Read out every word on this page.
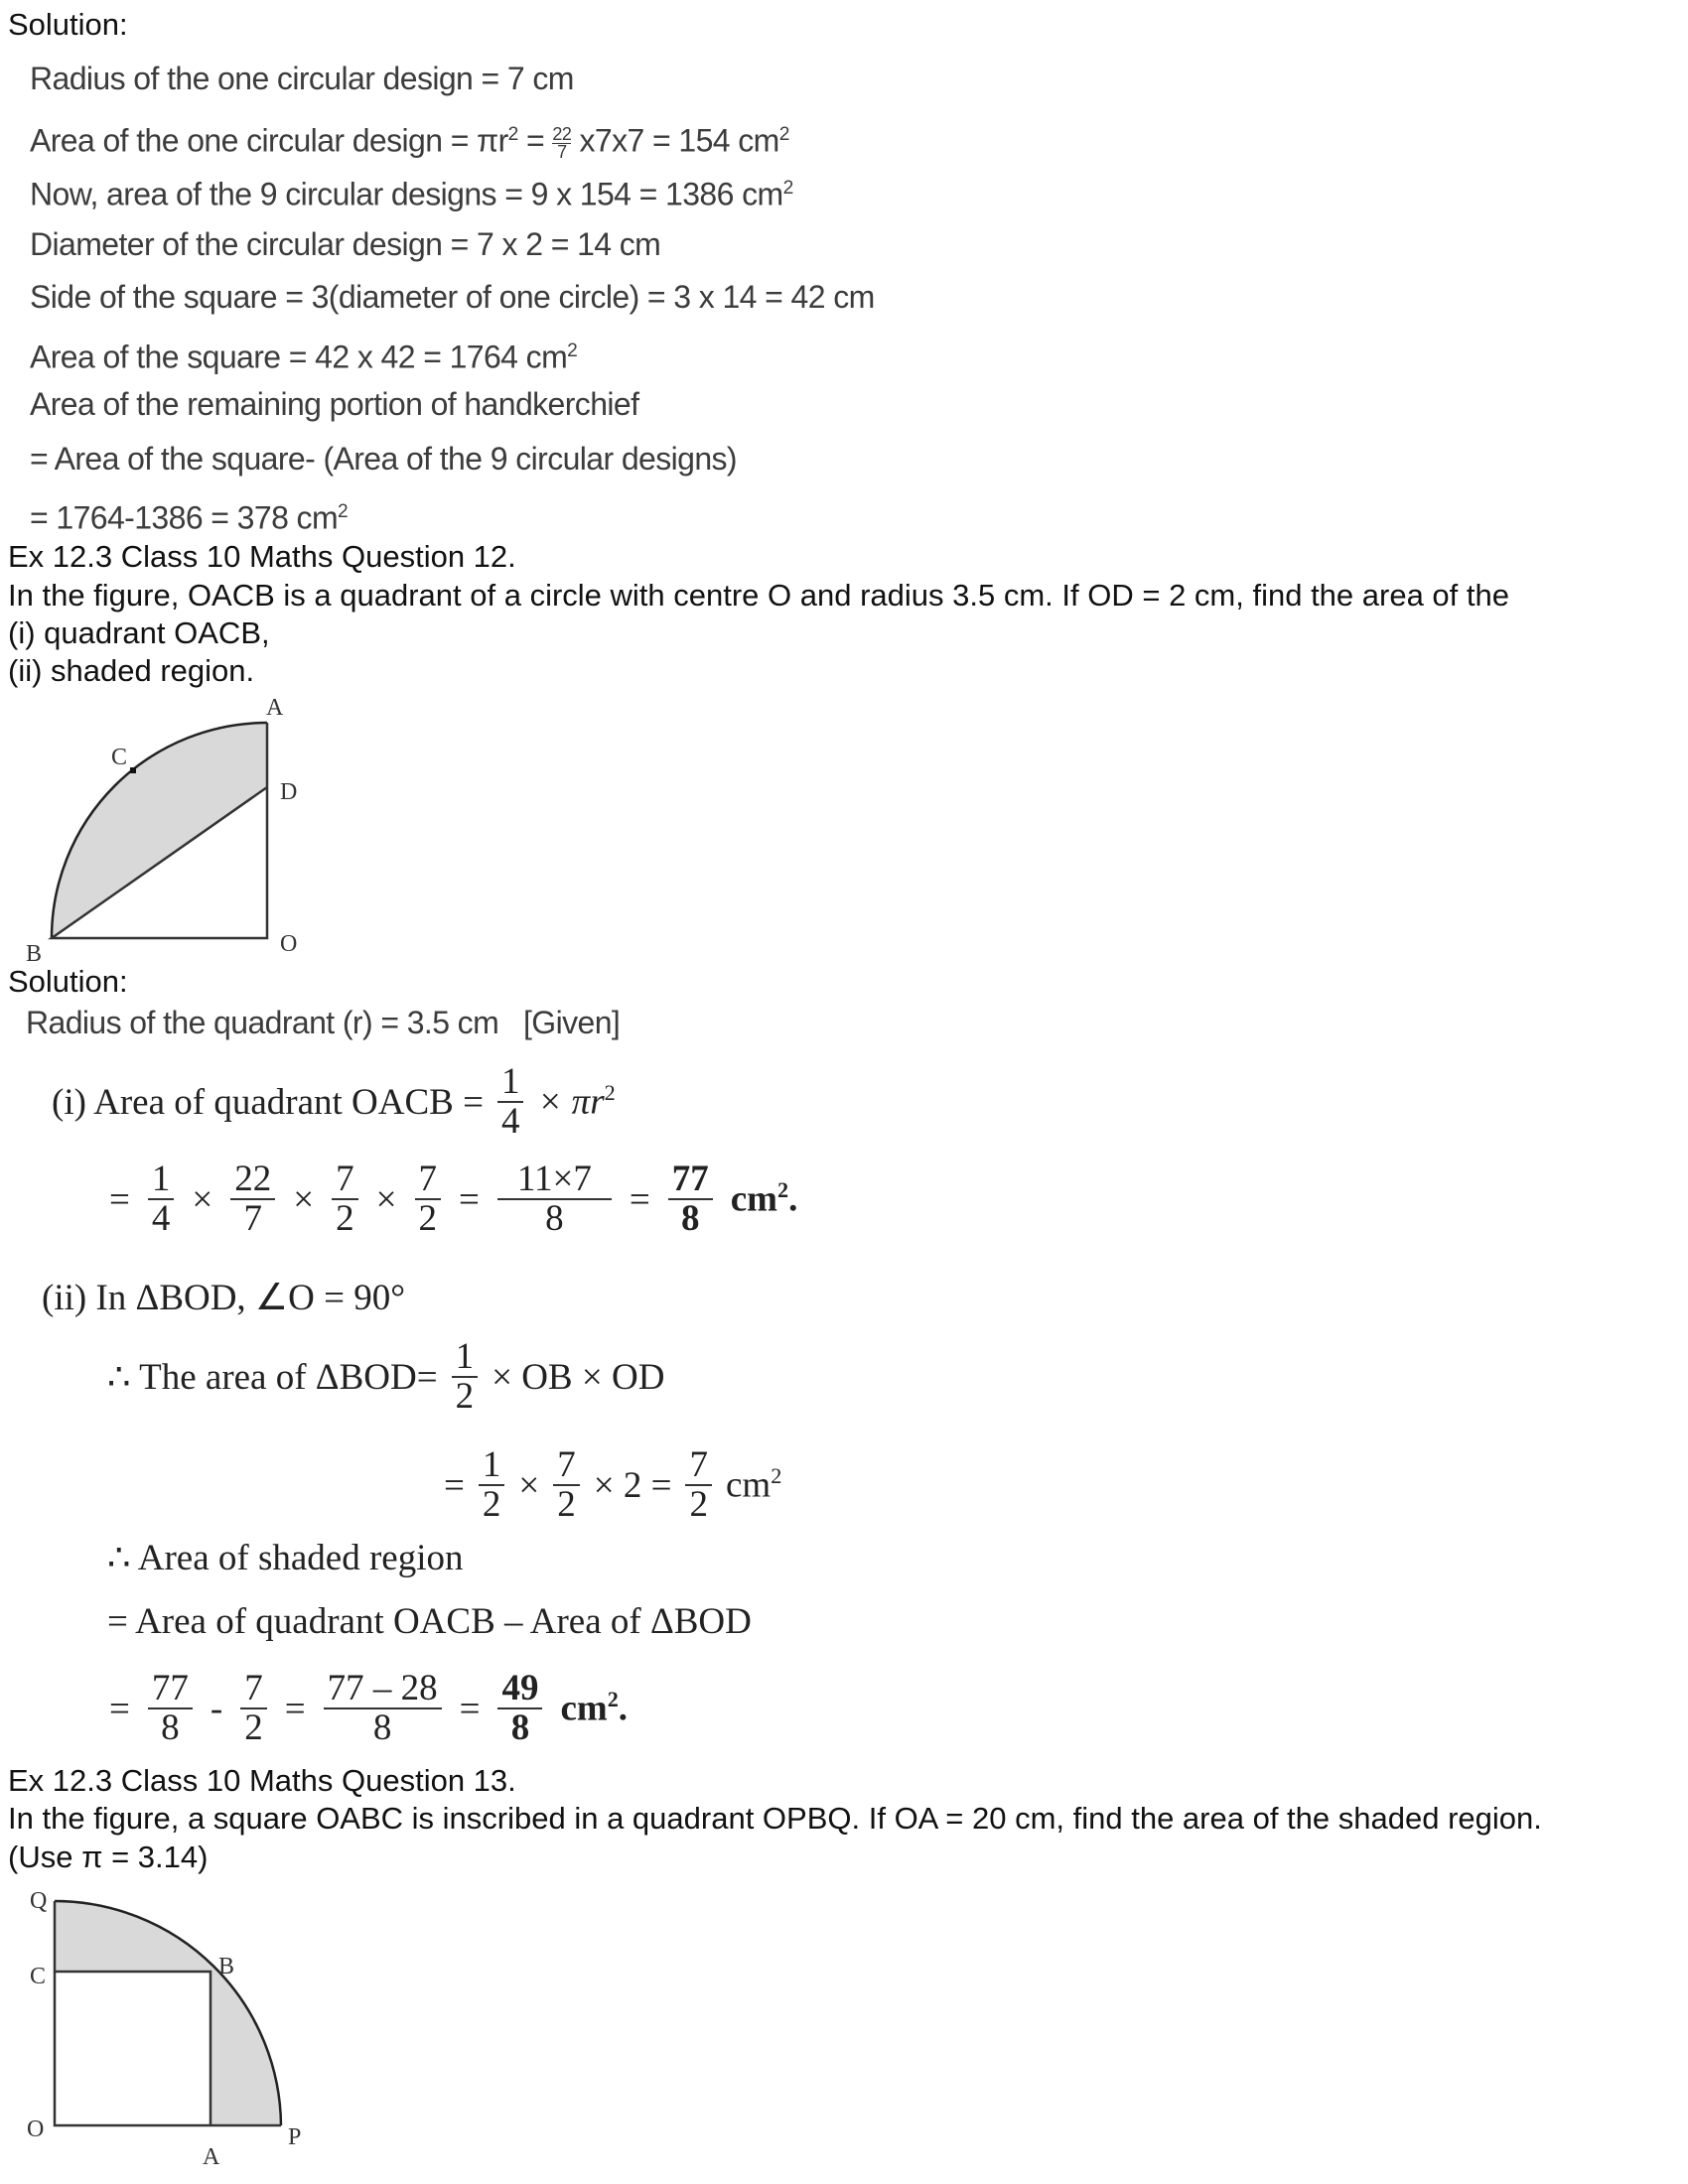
Solution:
Radius of the one circular design = 7 cm
Area of the one circular design = $\pi r^2 = \frac{22}{7} x7x7 = 154$ $cm^2$
Now, area of the 9 circular designs = 9 x 154 = 1386 $cm^2$
Diameter of the circular design = 7 x 2 = 14 cm
Side of the square = 3(diameter of one circle) = 3 x 14 = 42 cm
Area of the square = 42 x 42 = 1764 $cm^2$
Area of the remaining portion of handkerchief
= Area of the square- (Area of the 9 circular designs)
= 1764-1386 = 378 $cm^2$
Ex 12.3 Class 10 Maths Question 12.
In the figure, OACB is a quadrant of a circle with centre O and radius 3.5 cm. If OD = 2 cm, find the area of the
(i) quadrant OACB,
(ii) shaded region.
A
C
D
O
B
Solution:
Radius of the quadrant (r) = 3.5 cm   [Given]
(i) Area of quadrant OACB = $\frac{1}{4} \times \pi r^2$
= $\frac{1}{4} \times \frac{22}{7} \times \frac{7}{2} \times \frac{7}{2} = \frac{11\times 7}{8} = \frac{77}{8} cm^2$.
(ii) In ΔBOD, ∠O = 90°
∴ The area of $\Delta BOD= \frac{1}{2}$ × OB × OD
= $\frac{1}{2} \times \frac{7}{2} \times 2 = \frac{7}{2} cm^2$
∴ Area of shaded region
= Area of quadrant OACB – Area of ΔBOD
= $\frac{77}{8} - \frac{7}{2} = \frac{77 - 28}{8} = \frac{49}{8} cm^2$.
Ex 12.3 Class 10 Maths Question 13.
In the figure, a square OABC is inscribed in a quadrant OPBQ. If OA = 20 cm, find the area of the shaded region.
(Use π = 3.14)
Q
C	B
O
A
P
